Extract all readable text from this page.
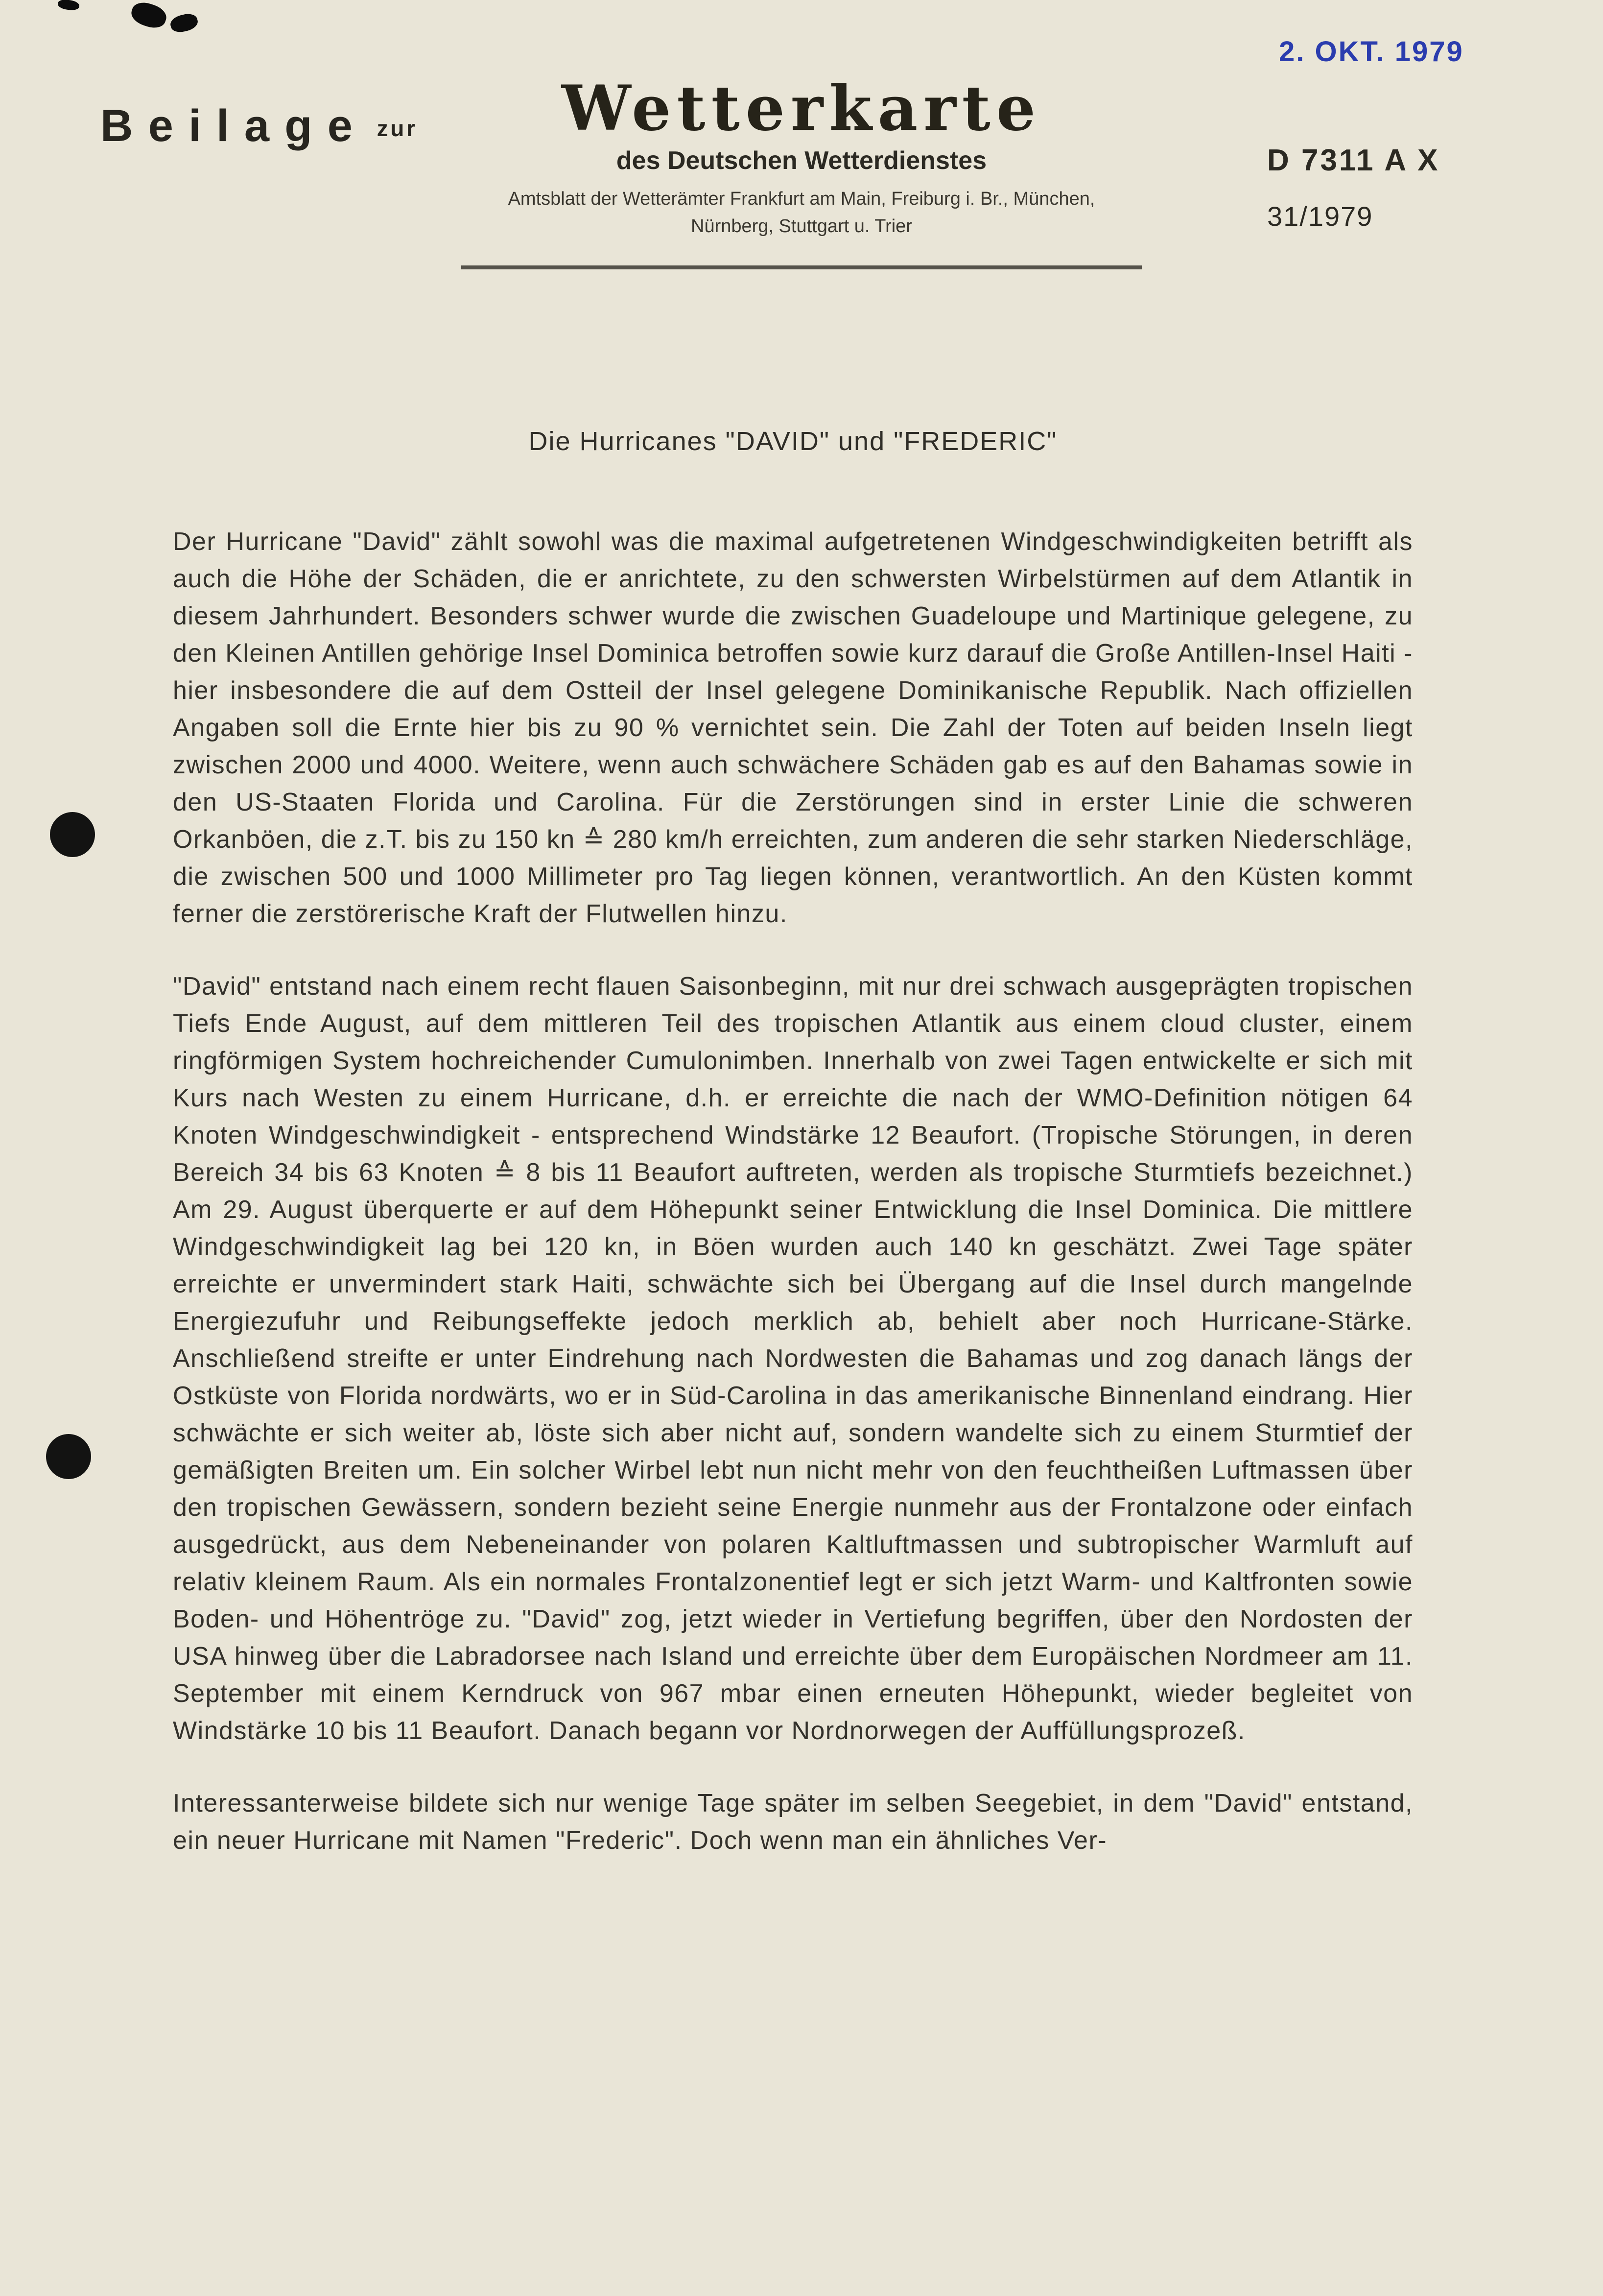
2. OKT. 1979
Beilage zur	Wetterkarte
des Deutschen Wetterdienstes
Amtsblatt der Wetterämter Frankfurt am Main, Freiburg i. Br., München,
Nürnberg, Stuttgart u. Trier
D 7311 A X
31/1979
Die Hurricanes "DAVID" und "FREDERIC"

Der Hurricane "David" zählt sowohl was die maximal aufgetretenen Windgeschwindigkeiten betrifft als auch die Höhe der Schäden, die er anrichtete, zu den schwersten Wirbelstürmen auf dem Atlantik in diesem Jahrhundert. Besonders schwer wurde die zwischen Guadeloupe und Martinique gelegene, zu den Kleinen Antillen gehörige Insel Dominica betroffen sowie kurz darauf die Große Antillen-Insel Haiti - hier insbesondere die auf dem Ostteil der Insel gelegene Dominikanische Republik. Nach offiziellen Angaben soll die Ernte hier bis zu 90 % vernichtet sein. Die Zahl der Toten auf beiden Inseln liegt zwischen 2000 und 4000. Weitere, wenn auch schwächere Schäden gab es auf den Bahamas sowie in den US-Staaten Florida und Carolina. Für die Zerstörungen sind in erster Linie die schweren Orkanböen, die z.T. bis zu 150 kn ≙ 280 km/h erreichten, zum anderen die sehr starken Niederschläge, die zwischen 500 und 1000 Millimeter pro Tag liegen können, verantwortlich. An den Küsten kommt ferner die zerstörerische Kraft der Flutwellen hinzu.

"David" entstand nach einem recht flauen Saisonbeginn, mit nur drei schwach ausgeprägten tropischen Tiefs Ende August, auf dem mittleren Teil des tropischen Atlantik aus einem cloud cluster, einem ringförmigen System hochreichender Cumulonimben. Innerhalb von zwei Tagen entwickelte er sich mit Kurs nach Westen zu einem Hurricane, d.h. er erreichte die nach der WMO-Definition nötigen 64 Knoten Windgeschwindigkeit - entsprechend Windstärke 12 Beaufort. (Tropische Störungen, in deren Bereich 34 bis 63 Knoten ≙ 8 bis 11 Beaufort auftreten, werden als tropische Sturmtiefs bezeichnet.) Am 29. August überquerte er auf dem Höhepunkt seiner Entwicklung die Insel Dominica. Die mittlere Windgeschwindigkeit lag bei 120 kn, in Böen wurden auch 140 kn geschätzt. Zwei Tage später erreichte er unvermindert stark Haiti, schwächte sich bei Übergang auf die Insel durch mangelnde Energiezufuhr und Reibungseffekte jedoch merklich ab, behielt aber noch Hurricane-Stärke. Anschließend streifte er unter Eindrehung nach Nordwesten die Bahamas und zog danach längs der Ostküste von Florida nordwärts, wo er in Süd-Carolina in das amerikanische Binnenland eindrang. Hier schwächte er sich weiter ab, löste sich aber nicht auf, sondern wandelte sich zu einem Sturmtief der gemäßigten Breiten um. Ein solcher Wirbel lebt nun nicht mehr von den feuchtheißen Luftmassen über den tropischen Gewässern, sondern bezieht seine Energie nunmehr aus der Frontalzone oder einfach ausgedrückt, aus dem Nebeneinander von polaren Kaltluftmassen und subtropischer Warmluft auf relativ kleinem Raum. Als ein normales Frontalzonentief legt er sich jetzt Warm- und Kaltfronten sowie Boden- und Höhentröge zu. "David" zog, jetzt wieder in Vertiefung begriffen, über den Nordosten der USA hinweg über die Labradorsee nach Island und erreichte über dem Europäischen Nordmeer am 11. September mit einem Kerndruck von 967 mbar einen erneuten Höhepunkt, wieder begleitet von Windstärke 10 bis 11 Beaufort. Danach begann vor Nordnorwegen der Auffüllungsprozeß.

Interessanterweise bildete sich nur wenige Tage später im selben Seegebiet, in dem "David" entstand, ein neuer Hurricane mit Namen "Frederic". Doch wenn man ein ähnliches Ver-
